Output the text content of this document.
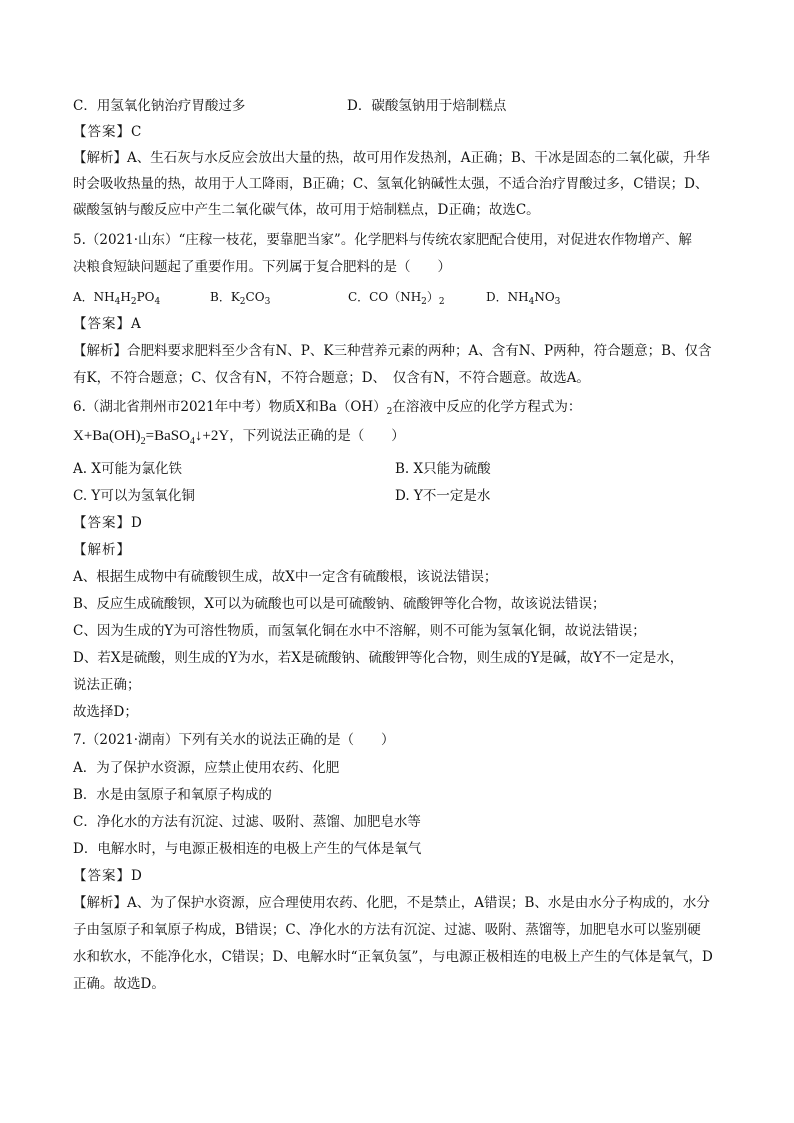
C．用氢氧化钠治疗胃酸过多	D．碳酸氢钠用于焙制糕点
【答案】C
【解析】A、生石灰与水反应会放出大量的热，故可用作发热剂，A正确；B、干冰是固态的二氧化碳，升华
时会吸收热量的热，故用于人工降雨，B正确；C、氢氧化钠碱性太强，不适合治疗胃酸过多，C错误；D、
碳酸氢钠与酸反应中产生二氧化碳气体，故可用于焙制糕点，D正确；故选C。
5.（2021·山东）“庄稼一枝花，要靠肥当家”。化学肥料与传统农家肥配合使用，对促进农作物增产、解
决粮食短缺问题起了重要作用。下列属于复合肥料的是（　　）
A．$NH_4H_2PO_4$	B．$K_2CO_3$	C．$CO(NH_2)_2$	D．$NH_4NO_3$
【答案】A
【解析】合肥料要求肥料至少含有N、P、K三种营养元素的两种；A、含有N、P两种，符合题意；B、仅含
有K，不符合题意；C、仅含有N，不符合题意；D、　仅含有N，不符合题意。故选A。
6.（湖北省荆州市2021年中考）物质X和$Ba(OH)_2$在溶液中反应的化学方程式为：
$X+Ba(OH)_2=BaSO_4↓+2Y$，下列说法正确的是（　　）
A. X可能为氯化铁	B. X只能为硫酸
C. Y可以为氢氧化铜	D. Y不一定是水
【答案】D
【解析】
A、根据生成物中有硫酸钡生成，故X中一定含有硫酸根，该说法错误；
B、反应生成硫酸钡，X可以为硫酸也可以是可硫酸钠、硫酸钾等化合物，故该说法错误；
C、因为生成的Y为可溶性物质，而氢氧化铜在水中不溶解，则不可能为氢氧化铜，故说法错误；
D、若X是硫酸，则生成的Y为水，若X是硫酸钠、硫酸钾等化合物，则生成的Y是碱，故Y不一定是水，
说法正确；
故选择D；
7.（2021·湖南）下列有关水的说法正确的是（　　）
A．为了保护水资源，应禁止使用农药、化肥
B．水是由氢原子和氧原子构成的
C．净化水的方法有沉淀、过滤、吸附、蒸馏、加肥皂水等
D．电解水时，与电源正极相连的电极上产生的气体是氧气
【答案】D
【解析】A、为了保护水资源，应合理使用农药、化肥，不是禁止，A错误；B、水是由水分子构成的，水分
子由氢原子和氧原子构成，B错误；C、净化水的方法有沉淀、过滤、吸附、蒸馏等，加肥皂水可以鉴别硬
水和软水，不能净化水，C错误；D、电解水时“正氧负氢”，与电源正极相连的电极上产生的气体是氧气，D
正确。故选D。
